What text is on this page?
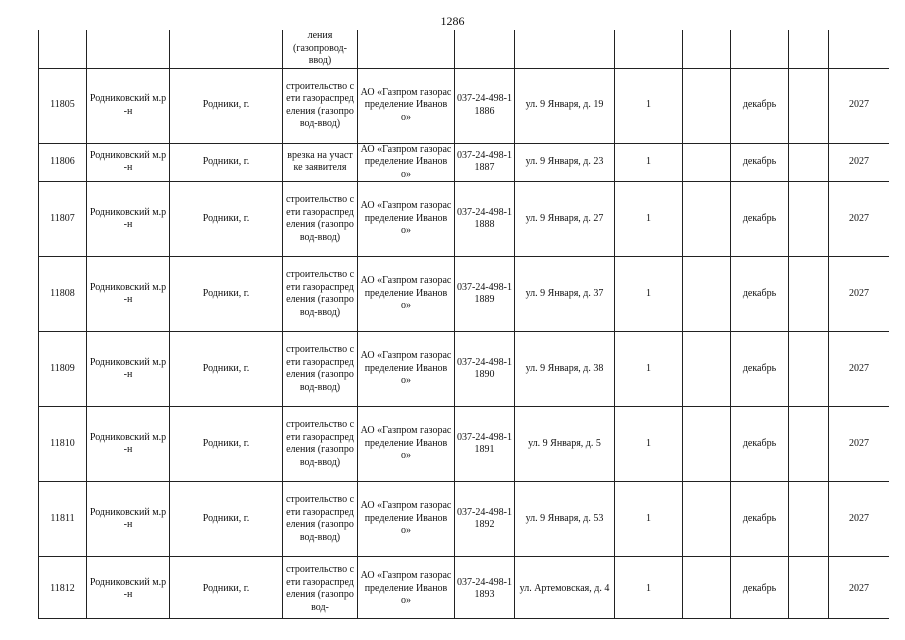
1286

			ления
(газопровод-
ввод)								

11805	Родниковский м.р-н	Родники, г.	строительство сети газораспределения (газопровод-ввод)	АО «Газпром газораспределение Иваново»	037-24-498-11886	ул. 9 Января, д. 19	1		декабрь		2027
11806	Родниковский м.р-н	Родники, г.	врезка на участке заявителя	АО «Газпром газораспределение Иваново»	037-24-498-11887	ул. 9 Января, д. 23	1		декабрь		2027
11807	Родниковский м.р-н	Родники, г.	строительство сети газораспределения (газопровод-ввод)	АО «Газпром газораспределение Иваново»	037-24-498-11888	ул. 9 Января, д. 27	1		декабрь		2027
11808	Родниковский м.р-н	Родники, г.	строительство сети газораспределения (газопровод-ввод)	АО «Газпром газораспределение Иваново»	037-24-498-11889	ул. 9 Января, д. 37	1		декабрь		2027
11809	Родниковский м.р-н	Родники, г.	строительство сети газораспределения (газопровод-ввод)	АО «Газпром газораспределение Иваново»	037-24-498-11890	ул. 9 Января, д. 38	1		декабрь		2027
11810	Родниковский м.р-н	Родники, г.	строительство сети газораспределения (газопровод-ввод)	АО «Газпром газораспределение Иваново»	037-24-498-11891	ул. 9 Января, д. 5	1		декабрь		2027
11811	Родниковский м.р-н	Родники, г.	строительство сети газораспределения (газопровод-ввод)	АО «Газпром газораспределение Иваново»	037-24-498-11892	ул. 9 Января, д. 53	1		декабрь		2027
11812	Родниковский м.р-н	Родники, г.	строительство сети газораспределения (газопровод-	АО «Газпром газораспределение Иваново»	037-24-498-11893	ул. Артемовская, д. 4	1		декабрь		2027
